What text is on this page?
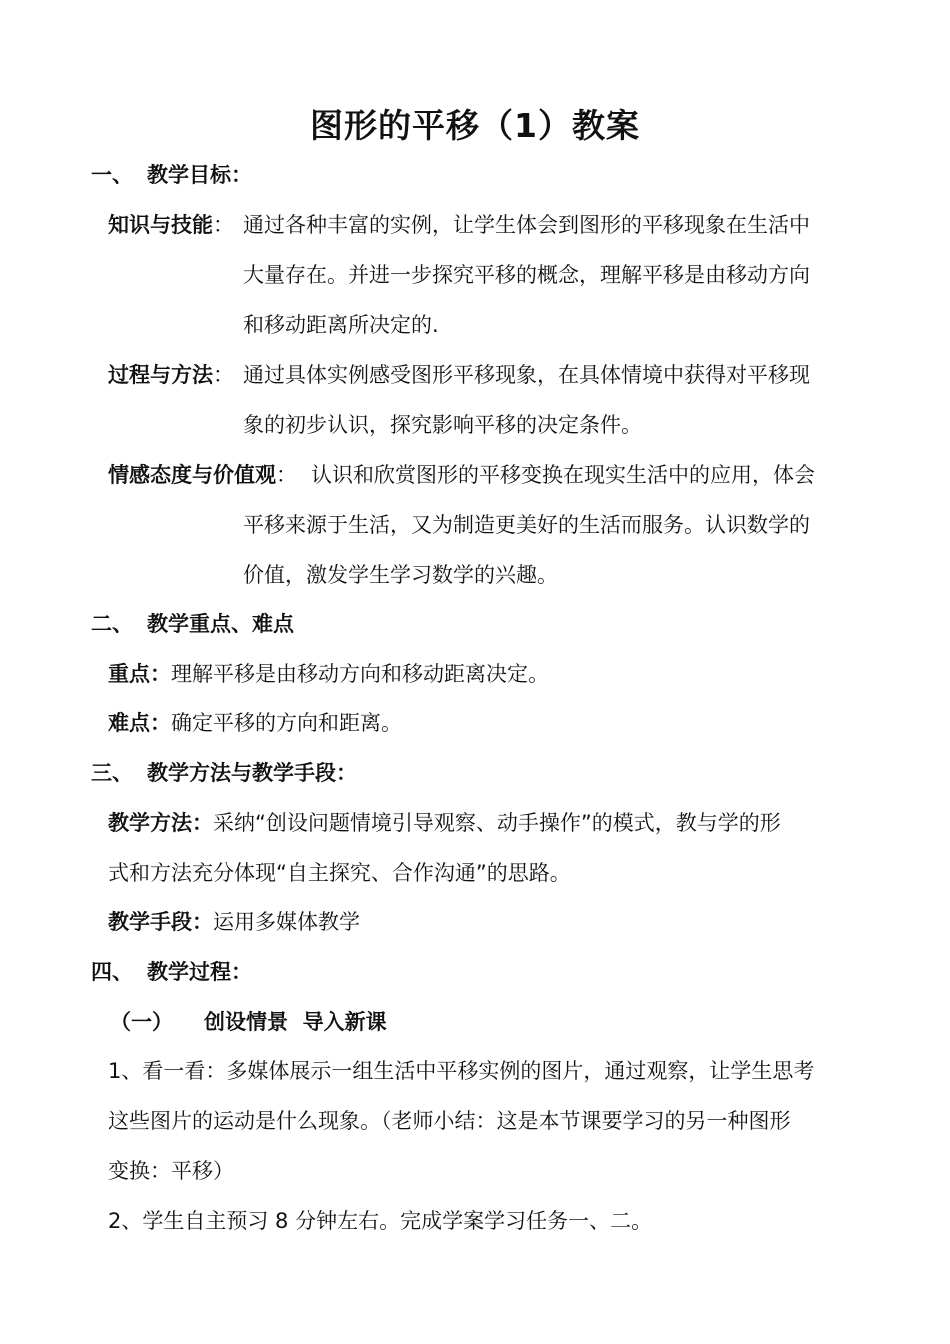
图形的平移（1）教案
一、 教学目标：
知识与技能： 通过各种丰富的实例，让学生体会到图形的平移现象在生活中
大量存在。并进一步探究平移的概念，理解平移是由移动方向
和移动距离所决定的.
过程与方法： 通过具体实例感受图形平移现象，在具体情境中获得对平移现
象的初步认识，探究影响平移的决定条件。
情感态度与价值观： 认识和欣赏图形的平移变换在现实生活中的应用，体会
平移来源于生活，又为制造更美好的生活而服务。认识数学的
价值，激发学生学习数学的兴趣。
二、 教学重点、难点
重点：理解平移是由移动方向和移动距离决定。
难点：确定平移的方向和距离。
三、 教学方法与教学手段：
教学方法：采纳“创设问题情境引导观察、动手操作”的模式，教与学的形
式和方法充分体现“自主探究、合作沟通”的思路。
教学手段：运用多媒体教学
四、 教学过程：
（一） 创设情景  导入新课
1、看一看：多媒体展示一组生活中平移实例的图片，通过观察，让学生思考
这些图片的运动是什么现象。（老师小结：这是本节课要学习的另一种图形
变换：平移）
2、学生自主预习 8 分钟左右。完成学案学习任务一、二。
